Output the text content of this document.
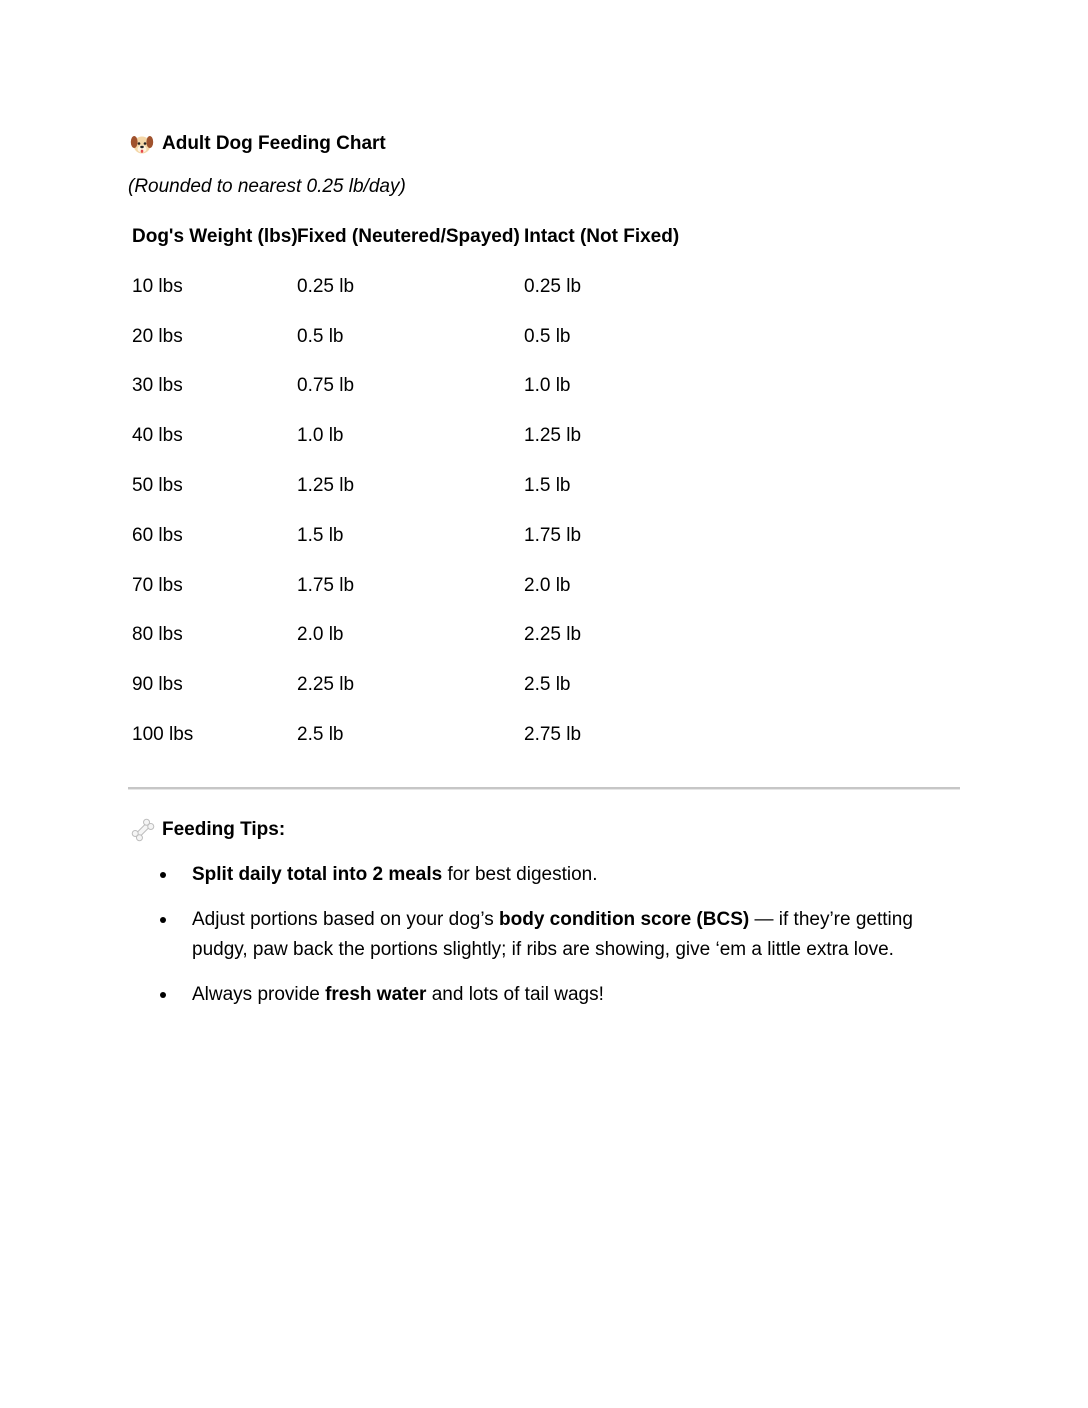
Adult Dog Feeding Chart
(Rounded to nearest 0.25 lb/day)
Dog's Weight (lbs) Fixed (Neutered/Spayed) Intact (Not Fixed)
10 lbs	0.25 lb	0.25 lb
20 lbs	0.5 lb	0.5 lb
30 lbs	0.75 lb	1.0 lb
40 lbs	1.0 lb	1.25 lb
50 lbs	1.25 lb	1.5 lb
60 lbs	1.5 lb	1.75 lb
70 lbs	1.75 lb	2.0 lb
80 lbs	2.0 lb	2.25 lb
90 lbs	2.25 lb	2.5 lb
100 lbs	2.5 lb	2.75 lb
Feeding Tips:
Split daily total into 2 meals for best digestion.
Adjust portions based on your dog’s body condition score (BCS) — if they’re getting pudgy, paw back the portions slightly; if ribs are showing, give ‘em a little extra love.
Always provide fresh water and lots of tail wags!
